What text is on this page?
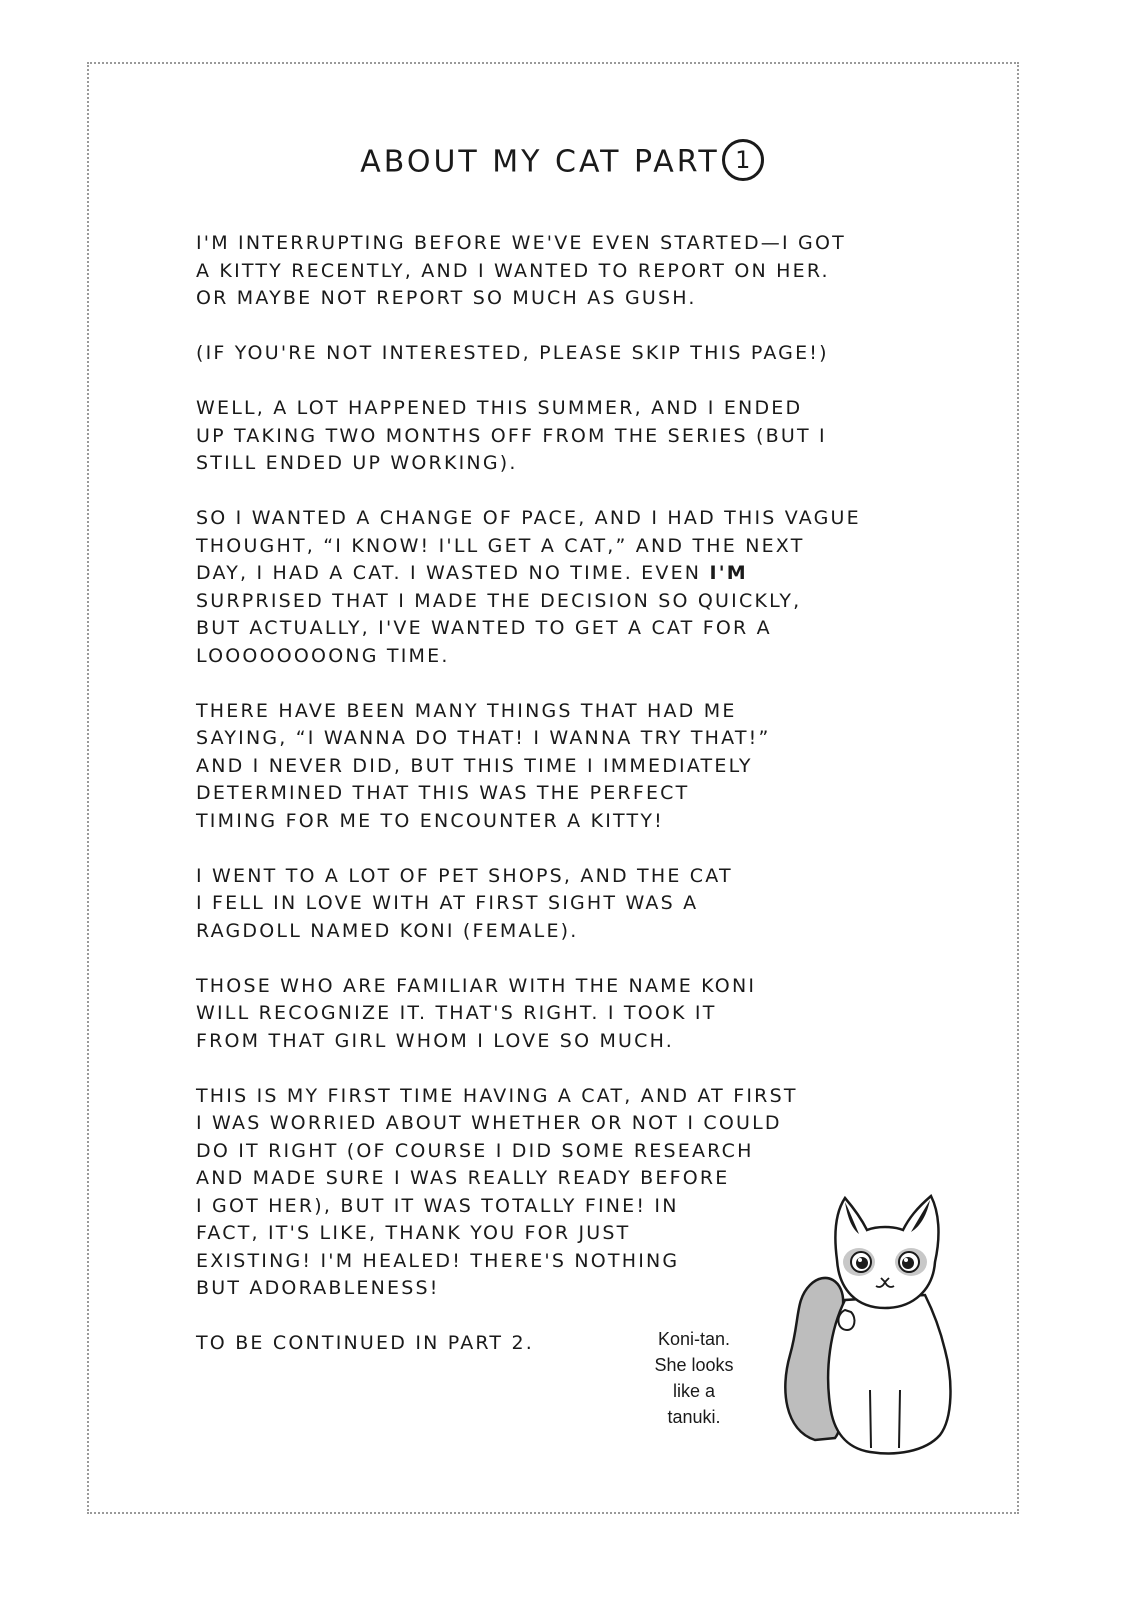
ABOUT MY CAT PART 1

I'M INTERRUPTING BEFORE WE'VE EVEN STARTED—I GOT
A KITTY RECENTLY, AND I WANTED TO REPORT ON HER.
OR MAYBE NOT REPORT SO MUCH AS GUSH.

(IF YOU'RE NOT INTERESTED, PLEASE SKIP THIS PAGE!)

WELL, A LOT HAPPENED THIS SUMMER, AND I ENDED
UP TAKING TWO MONTHS OFF FROM THE SERIES (BUT I
STILL ENDED UP WORKING).

SO I WANTED A CHANGE OF PACE, AND I HAD THIS VAGUE
THOUGHT, “I KNOW! I'LL GET A CAT,” AND THE NEXT
DAY, I HAD A CAT. I WASTED NO TIME. EVEN I'M
SURPRISED THAT I MADE THE DECISION SO QUICKLY,
BUT ACTUALLY, I'VE WANTED TO GET A CAT FOR A
LOOOOOOOONG TIME.

THERE HAVE BEEN MANY THINGS THAT HAD ME
SAYING, “I WANNA DO THAT! I WANNA TRY THAT!”
AND I NEVER DID, BUT THIS TIME I IMMEDIATELY
DETERMINED THAT THIS WAS THE PERFECT
TIMING FOR ME TO ENCOUNTER A KITTY!

I WENT TO A LOT OF PET SHOPS, AND THE CAT
I FELL IN LOVE WITH AT FIRST SIGHT WAS A
RAGDOLL NAMED KONI (FEMALE).

THOSE WHO ARE FAMILIAR WITH THE NAME KONI
WILL RECOGNIZE IT. THAT'S RIGHT. I TOOK IT
FROM THAT GIRL WHOM I LOVE SO MUCH.

THIS IS MY FIRST TIME HAVING A CAT, AND AT FIRST
I WAS WORRIED ABOUT WHETHER OR NOT I COULD
DO IT RIGHT (OF COURSE I DID SOME RESEARCH
AND MADE SURE I WAS REALLY READY BEFORE
I GOT HER), BUT IT WAS TOTALLY FINE! IN
FACT, IT'S LIKE, THANK YOU FOR JUST
EXISTING! I'M HEALED! THERE'S NOTHING
BUT ADORABLENESS!

TO BE CONTINUED IN PART 2.	Koni-tan.
She looks
like a
tanuki.
